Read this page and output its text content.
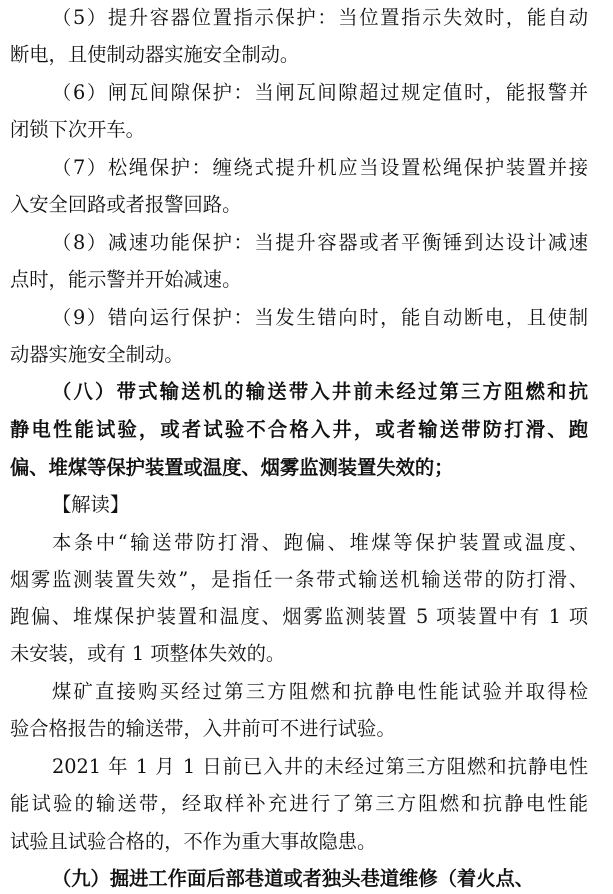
（5）提升容器位置指示保护：当位置指示失效时，能自动
断电，且使制动器实施安全制动。
（6）闸瓦间隙保护：当闸瓦间隙超过规定值时，能报警并
闭锁下次开车。
（7）松绳保护：缠绕式提升机应当设置松绳保护装置并接
入安全回路或者报警回路。
（8）减速功能保护：当提升容器或者平衡锤到达设计减速
点时，能示警并开始减速。
（9）错向运行保护：当发生错向时，能自动断电，且使制
动器实施安全制动。
（八）带式输送机的输送带入井前未经过第三方阻燃和抗
静电性能试验，或者试验不合格入井，或者输送带防打滑、跑
偏、堆煤等保护装置或温度、烟雾监测装置失效的；
【解读】
本条中“输送带防打滑、跑偏、堆煤等保护装置或温度、
烟雾监测装置失效”，是指任一条带式输送机输送带的防打滑、
跑偏、堆煤保护装置和温度、烟雾监测装置 5 项装置中有 1 项
未安装，或有 1 项整体失效的。
煤矿直接购买经过第三方阻燃和抗静电性能试验并取得检
验合格报告的输送带，入井前可不进行试验。
2021 年 1 月 1 日前已入井的未经过第三方阻燃和抗静电性
能试验的输送带，经取样补充进行了第三方阻燃和抗静电性能
试验且试验合格的，不作为重大事故隐患。
（九）掘进工作面后部巷道或者独头巷道维修（着火点、
